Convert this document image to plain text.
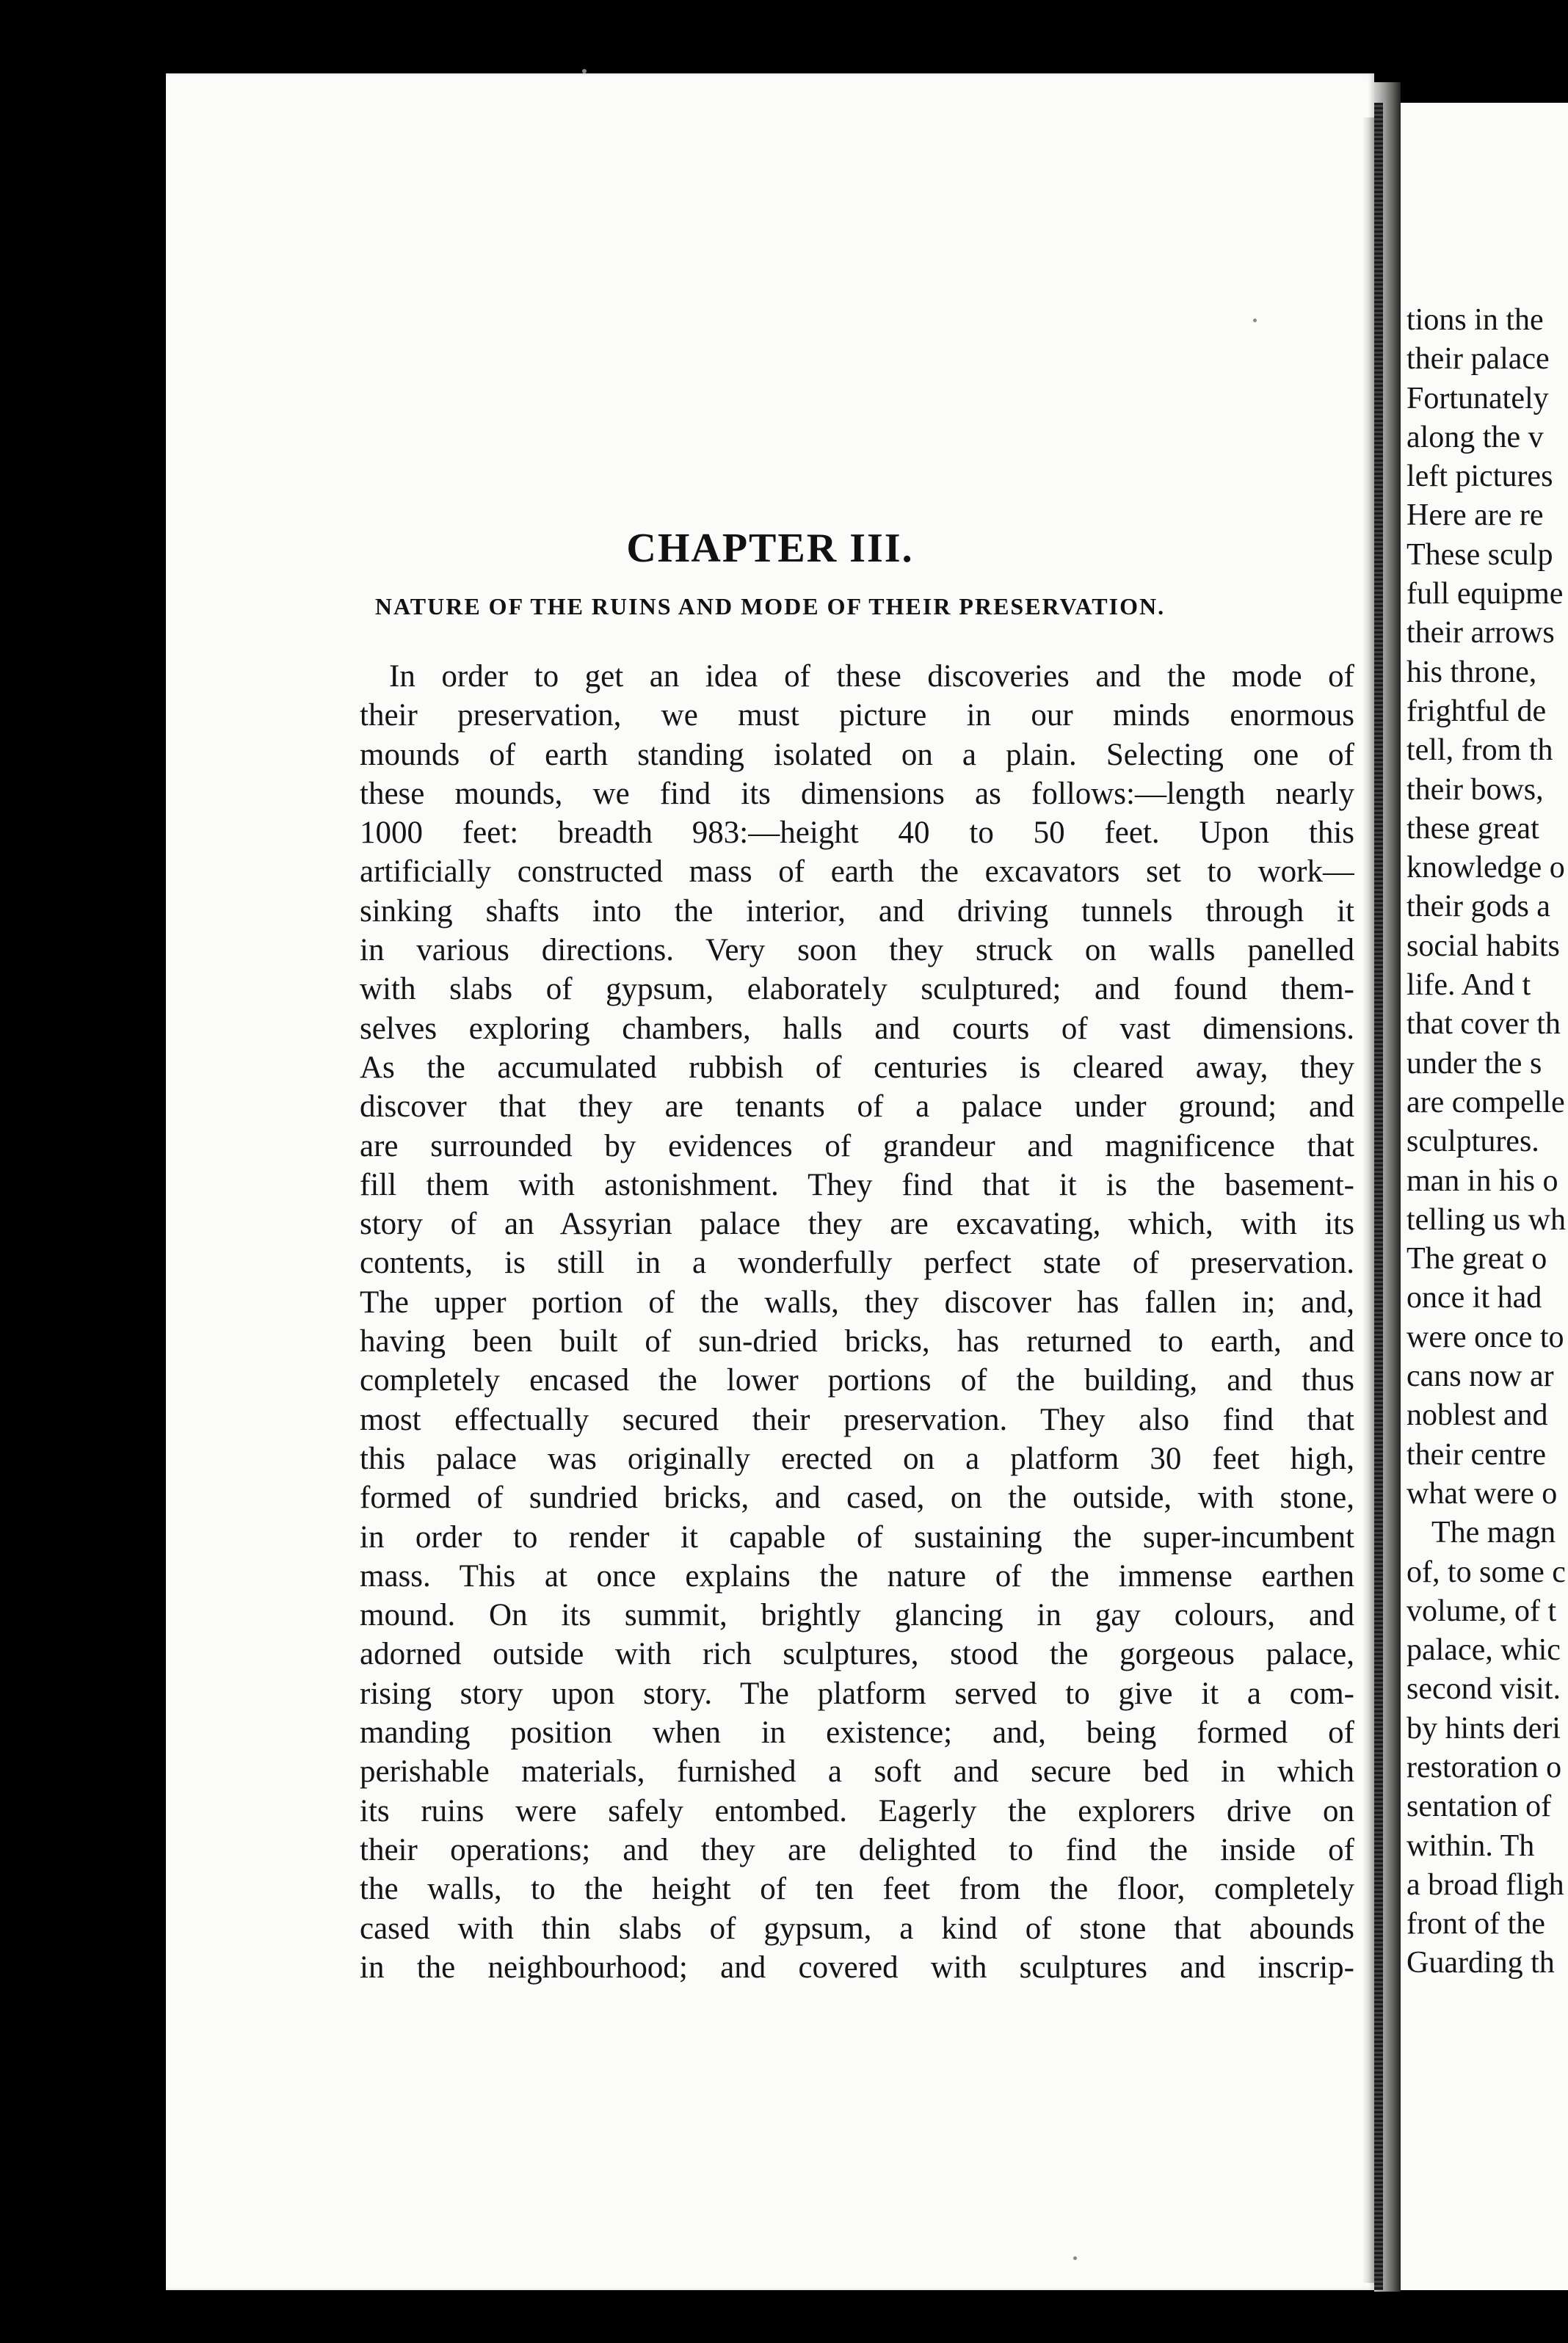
CHAPTER III.
NATURE OF THE RUINS AND MODE OF THEIR PRESERVATION.
In order to get an idea of these discoveries and the mode of
their preservation, we must picture in our minds enormous
mounds of earth standing isolated on a plain. Selecting one of
these mounds, we find its dimensions as follows:—length nearly
1000 feet: breadth 983:—height 40 to 50 feet. Upon this
artificially constructed mass of earth the excavators set to work—
sinking shafts into the interior, and driving tunnels through it
in various directions. Very soon they struck on walls panelled
with slabs of gypsum, elaborately sculptured; and found them-
selves exploring chambers, halls and courts of vast dimensions.
As the accumulated rubbish of centuries is cleared away, they
discover that they are tenants of a palace under ground; and
are surrounded by evidences of grandeur and magnificence that
fill them with astonishment. They find that it is the basement-
story of an Assyrian palace they are excavating, which, with its
contents, is still in a wonderfully perfect state of preservation.
The upper portion of the walls, they discover has fallen in; and,
having been built of sun-dried bricks, has returned to earth, and
completely encased the lower portions of the building, and thus
most effectually secured their preservation. They also find that
this palace was originally erected on a platform 30 feet high,
formed of sundried bricks, and cased, on the outside, with stone,
in order to render it capable of sustaining the super-incumbent
mass. This at once explains the nature of the immense earthen
mound. On its summit, brightly glancing in gay colours, and
adorned outside with rich sculptures, stood the gorgeous palace,
rising story upon story. The platform served to give it a com-
manding position when in existence; and, being formed of
perishable materials, furnished a soft and secure bed in which
its ruins were safely entombed. Eagerly the explorers drive on
their operations; and they are delighted to find the inside of
the walls, to the height of ten feet from the floor, completely
cased with thin slabs of gypsum, a kind of stone that abounds
in the neighbourhood; and covered with sculptures and inscrip-
tions in the
their palace
Fortunately
along the v
left pictures
Here are re
These sculp
full equipme
their arrows
his throne,
frightful de
tell, from th
their bows,
these great
knowledge o
their gods a
social habits
life. And t
that cover th
under the s
are compelle
sculptures.
man in his o
telling us wh
The great o
once it had
were once to
cans now ar
noblest and
their centre
what were o
The magn
of, to some c
volume, of t
palace, whic
second visit.
by hints deri
restoration o
sentation of
within. Th
a broad fligh
front of the
Guarding th
